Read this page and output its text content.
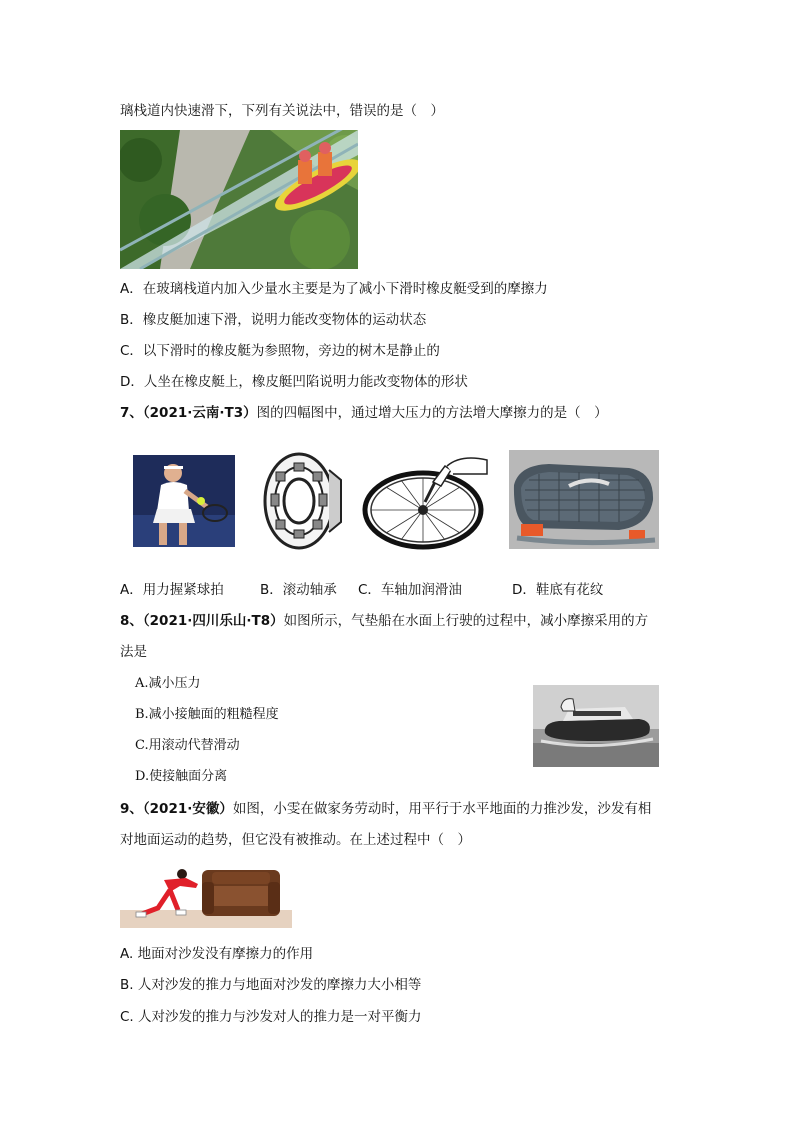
璃栈道内快速滑下，下列有关说法中，错误的是（　）
A．在玻璃栈道内加入少量水主要是为了减小下滑时橡皮艇受到的摩擦力
B．橡皮艇加速下滑，说明力能改变物体的运动状态
C．以下滑时的橡皮艇为参照物，旁边的树木是静止的
D．人坐在橡皮艇上，橡皮艇凹陷说明力能改变物体的形状
7、（2021·云南·T3）图的四幅图中，通过增大压力的方法增大摩擦力的是（　）
A．用力握紧球拍	B．滚动轴承 C．车轴加润滑油	D．鞋底有花纹
8、（2021·四川乐山·T8）如图所示，气垫船在水面上行驶的过程中，减小摩擦采用的方
法是
A.减小压力
B.减小接触面的粗糙程度
C.用滚动代替滑动
D.使接触面分离
9、（2021·安徽）如图，小雯在做家务劳动时，用平行于水平地面的力推沙发，沙发有相
对地面运动的趋势，但它没有被推动。在上述过程中（　）
A. 地面对沙发没有摩擦力的作用
B. 人对沙发的推力与地面对沙发的摩擦力大小相等
C. 人对沙发的推力与沙发对人的推力是一对平衡力
